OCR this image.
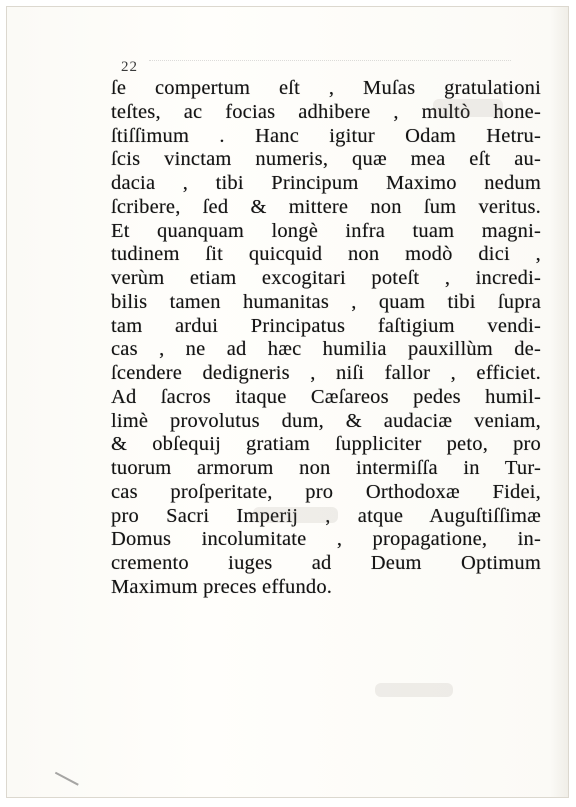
22
ſe compertum eſt , Muſas gratulationi
teſtes, ac focias adhibere , multò hone-
ſtiſſimum . Hanc igitur Odam Hetru-
ſcis vinctam numeris, quæ mea eſt au-
dacia , tibi Principum Maximo nedum
ſcribere, ſed & mittere non ſum veritus.
Et quanquam longè infra tuam magni-
tudinem ſit quicquid non modò dici ,
verùm etiam excogitari poteſt , incredi-
bilis tamen humanitas , quam tibi ſupra
tam ardui Principatus faſtigium vendi-
cas , ne ad hæc humilia pauxillùm de-
ſcendere dedigneris , niſi fallor , efficiet.
Ad ſacros itaque Cæſareos pedes humil-
limè provolutus dum, & audaciæ veniam,
& obſequij gratiam ſuppliciter peto, pro
tuorum armorum non intermiſſa in Tur-
cas proſperitate, pro Orthodoxæ Fidei,
pro Sacri Imperij , atque Auguſtiſſimæ
Domus incolumitate , propagatione, in-
cremento iuges ad Deum Optimum
Maximum preces effundo.
